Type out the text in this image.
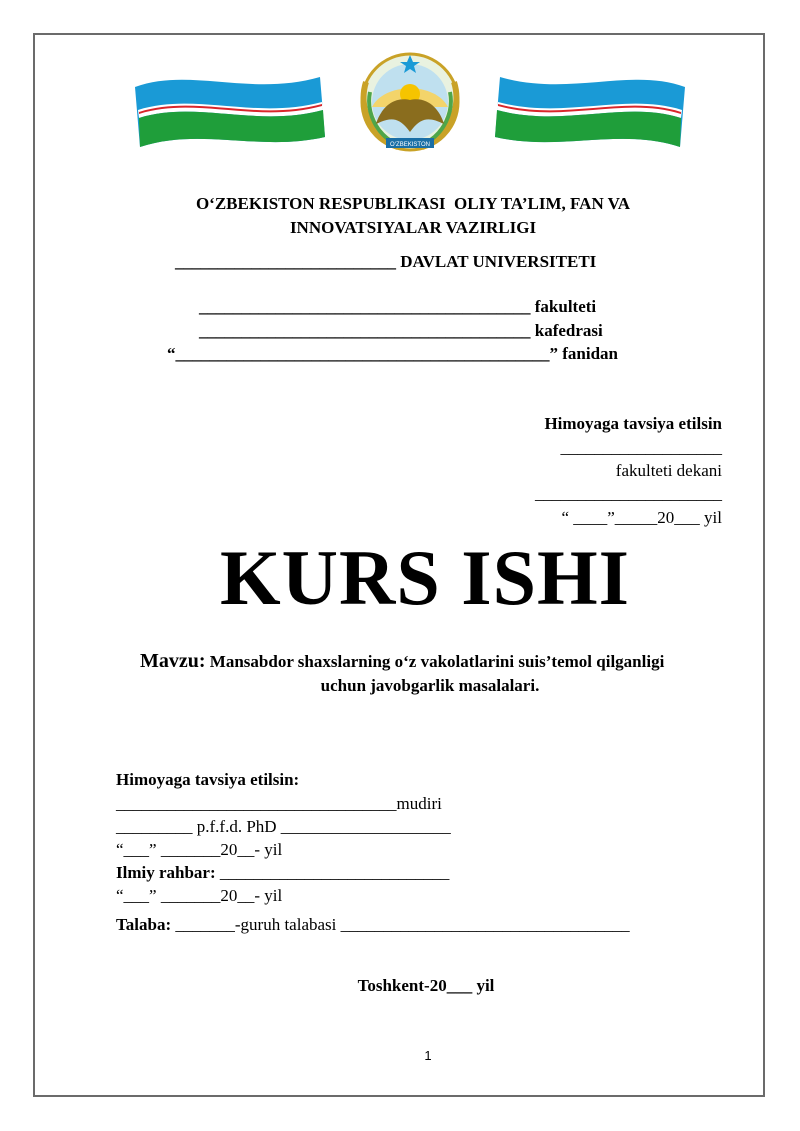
O‘ZBEKISTON
O‘ZBEKISTON RESPUBLIKASI  OLIY TA’LIM, FAN VA
INNOVATSIYALAR VAZIRLIGI
__________________________ DAVLAT UNIVERSITETI
_______________________________________ fakulteti
_______________________________________ kafedrasi
“____________________________________________” fanidan
Himoyaga tavsiya etilsin
___________________
fakulteti dekani
______________________
“ ____”_____20___ yil
KURS ISHI
Mavzu: Mansabdor shaxslarning o‘z vakolatlarini suis’temol qilganligi
uchun javobgarlik masalalari.
Himoyaga tavsiya etilsin:
_________________________________mudiri
_________ p.f.f.d. PhD ____________________
“___” _______20__- yil
Ilmiy rahbar: ___________________________
“___” _______20__- yil
Talaba: _______-guruh talabasi __________________________________
Toshkent-20___ yil
1
